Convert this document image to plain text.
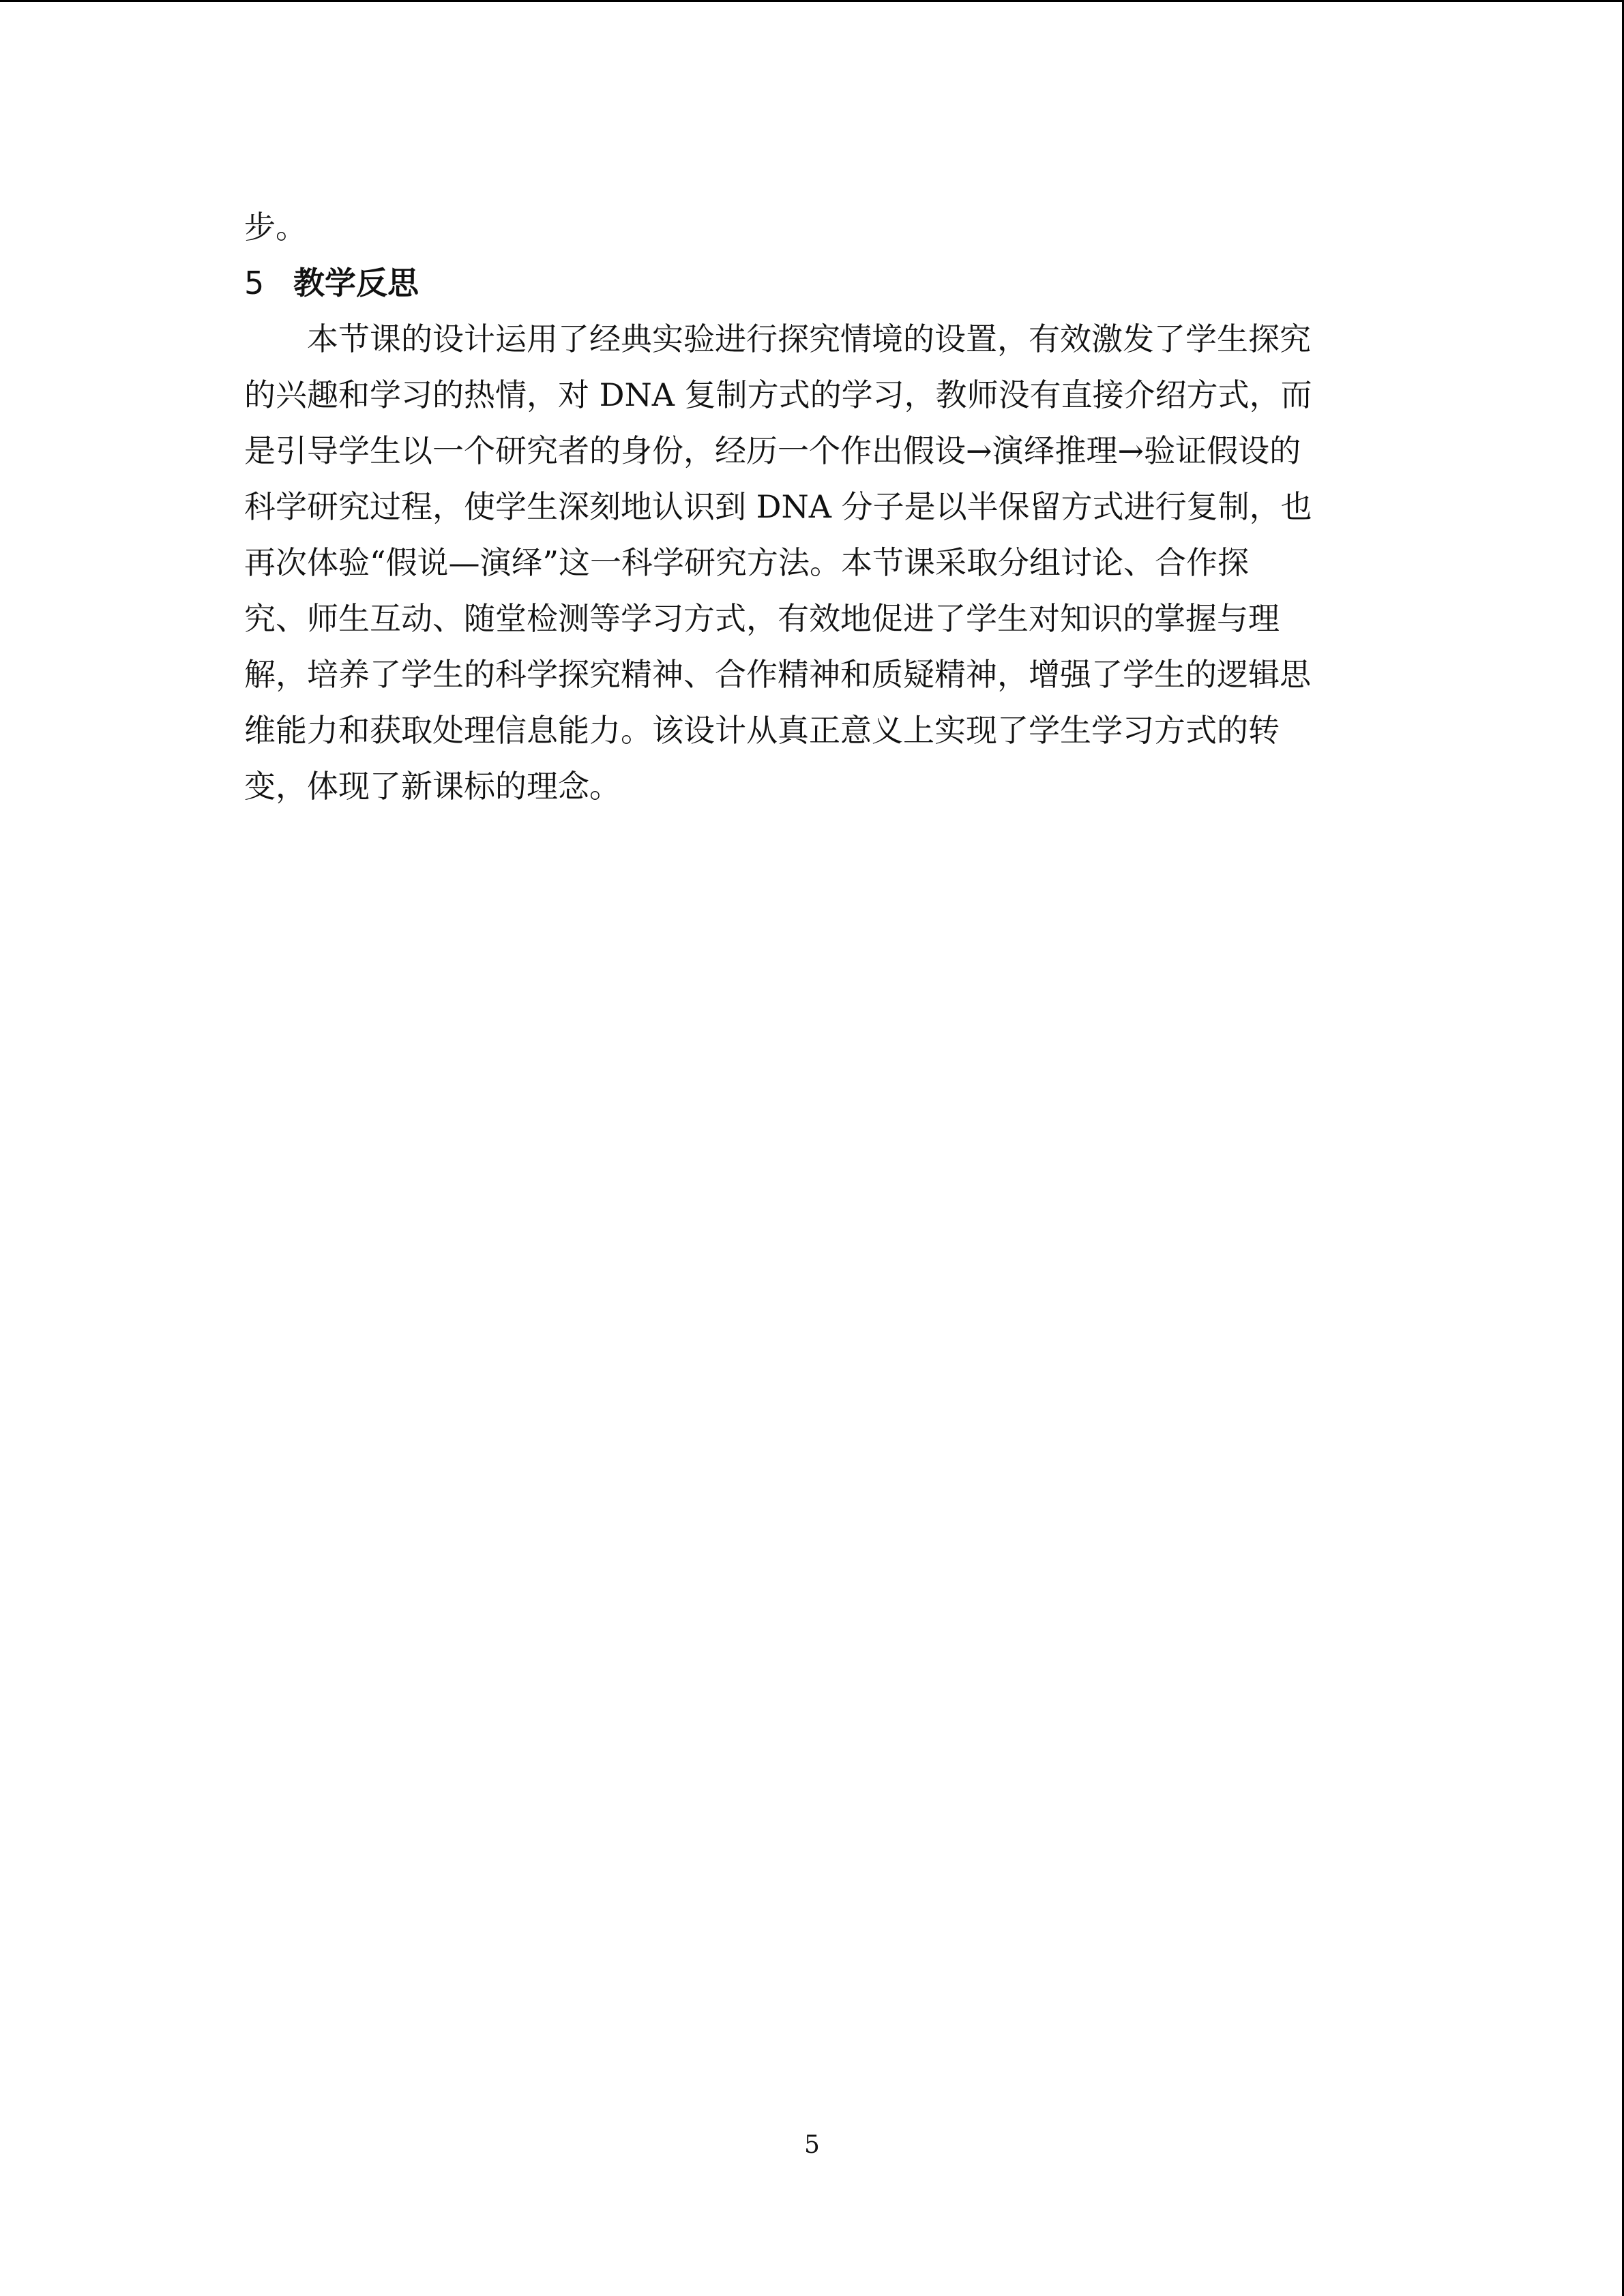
步。
5 教学反思
本节课的设计运用了经典实验进行探究情境的设置，有效激发了学生探究
的兴趣和学习的热情，对 DNA 复制方式的学习，教师没有直接介绍方式，而
是引导学生以一个研究者的身份，经历一个作出假设→演绎推理→验证假设的
科学研究过程，使学生深刻地认识到 DNA 分子是以半保留方式进行复制，也
再次体验“假说—演绎”这一科学研究方法。本节课采取分组讨论、合作探
究、师生互动、随堂检测等学习方式，有效地促进了学生对知识的掌握与理
解，培养了学生的科学探究精神、合作精神和质疑精神，增强了学生的逻辑思
维能力和获取处理信息能力。该设计从真正意义上实现了学生学习方式的转
变，体现了新课标的理念。
5
